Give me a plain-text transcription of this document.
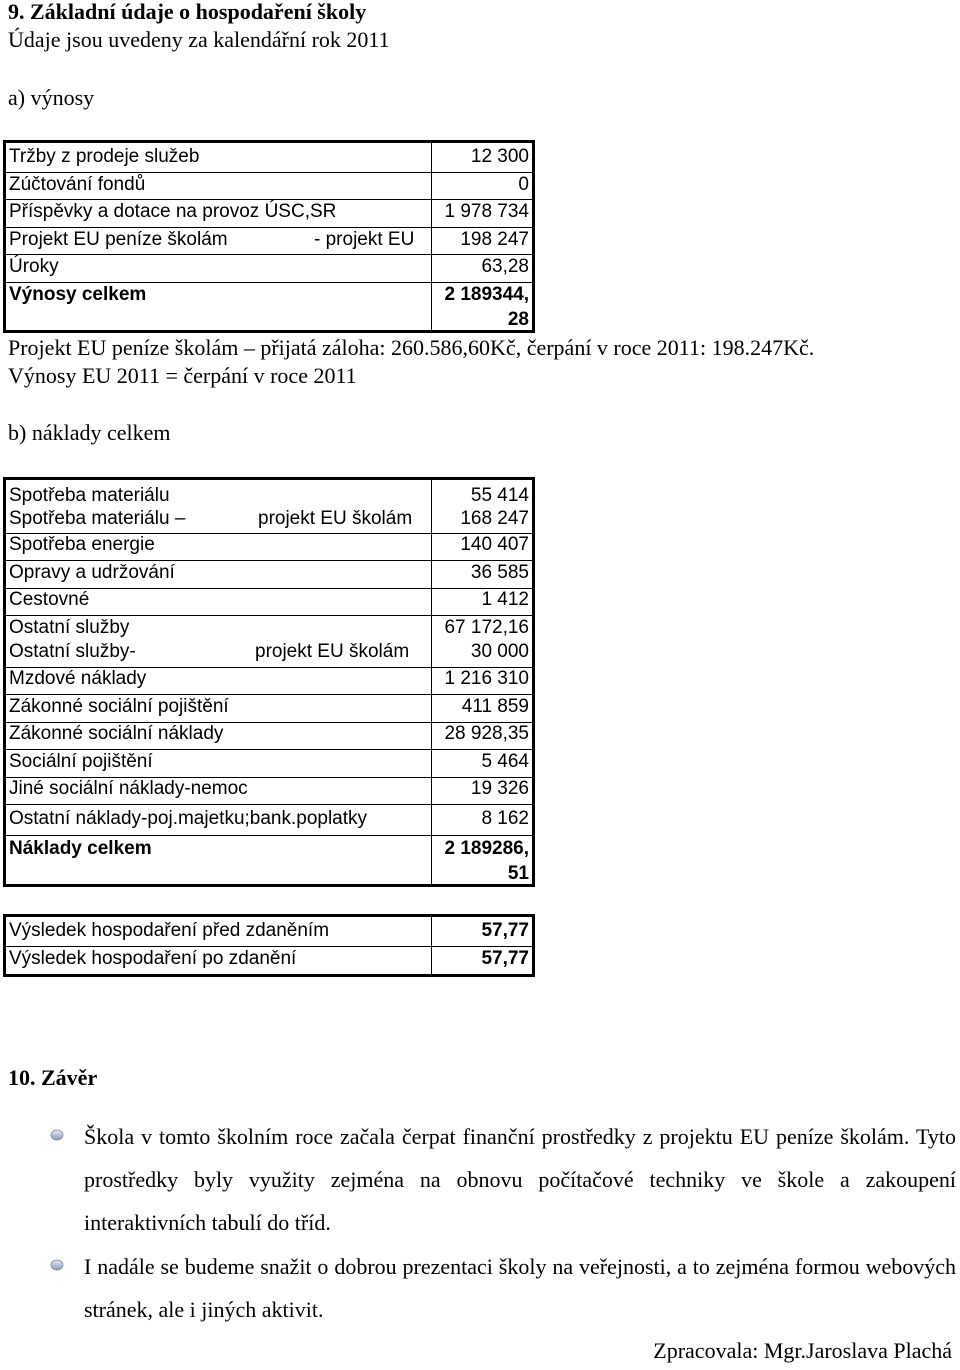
9. Základní údaje o hospodaření školy
Údaje jsou uvedeny za kalendářní rok 2011
a) výnosy
Tržby z prodeje služeb	12 300
Zúčtování fondů	0
Příspěvky a dotace na provoz ÚSC,SR	1 978 734
Projekt EU peníze školám	- projekt EU 198 247
Úroky	63,28
Výnosy celkem	2 189344,
28
Projekt EU peníze školám – přijatá záloha: 260.586,60Kč, čerpání v roce 2011: 198.247Kč.
Výnosy EU 2011 = čerpání v roce 2011
b) náklady celkem
Spotřeba materiálu	55 414
Spotřeba materiálu –	projekt EU školám	168 247
Spotřeba energie	140 407
Opravy a udržování	36 585
Cestovné	1 412
Ostatní služby	67 172,16
Ostatní služby-	projekt EU školám	30 000
Mzdové náklady	1 216 310
Zákonné sociální pojištění	411 859
Zákonné sociální náklady	28 928,35
Sociální pojištění	5 464
Jiné sociální náklady-nemoc	19 326
Ostatní náklady-poj.majetku;bank.poplatky	8 162
Náklady celkem	2 189286,
51
Výsledek hospodaření před zdaněním	57,77
Výsledek hospodaření po zdanění	57,77
10. Závěr

Škola v tomto školním roce začala čerpat finanční prostředky z projektu EU peníze školám. Tyto prostředky byly využity zejména na obnovu počítačové techniky ve škole a zakoupení interaktivních tabulí do tříd.

I nadále se budeme snažit o dobrou prezentaci školy na veřejnosti, a to zejména formou webových stránek, ale i jiných aktivit.

Zpracovala: Mgr.Jaroslava Plachá
